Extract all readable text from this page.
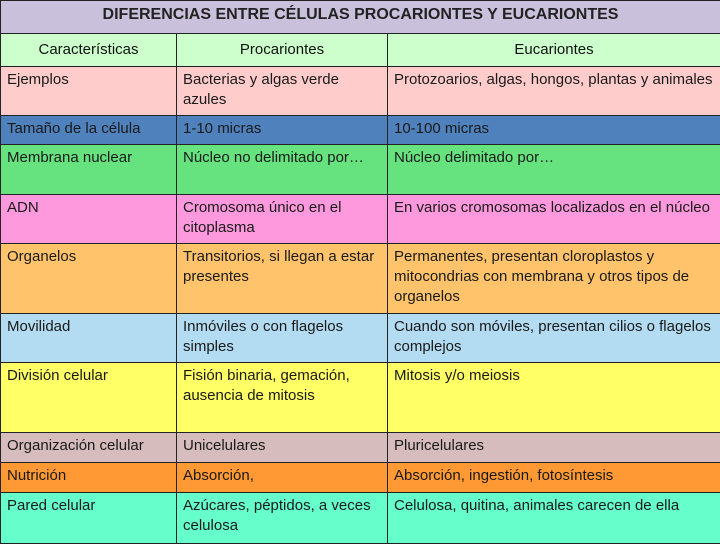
DIFERENCIAS ENTRE CÉLULAS PROCARIONTES Y EUCARIONTES		
Características	Procariontes	Eucariontes
Ejemplos	Bacterias y algas verde azules	Protozoarios, algas, hongos, plantas y animales
Tamaño de la célula	1-10 micras	10-100 micras
Membrana nuclear	Núcleo no delimitado por…	Núcleo delimitado por…
ADN	Cromosoma único en el citoplasma	En varios cromosomas localizados en el núcleo
Organelos	Transitorios, si llegan a estar presentes	Permanentes, presentan cloroplastos y mitocondrias con membrana y otros tipos de organelos
Movilidad	Inmóviles o con flagelos simples	Cuando son móviles, presentan cilios o flagelos complejos
División celular	Fisión binaria, gemación, ausencia de mitosis	Mitosis y/o meiosis
Organización celular	Unicelulares	Pluricelulares
Nutrición	Absorción,	Absorción, ingestión, fotosíntesis
Pared celular	Azúcares, péptidos, a veces celulosa	Celulosa, quitina, animales carecen de ella
